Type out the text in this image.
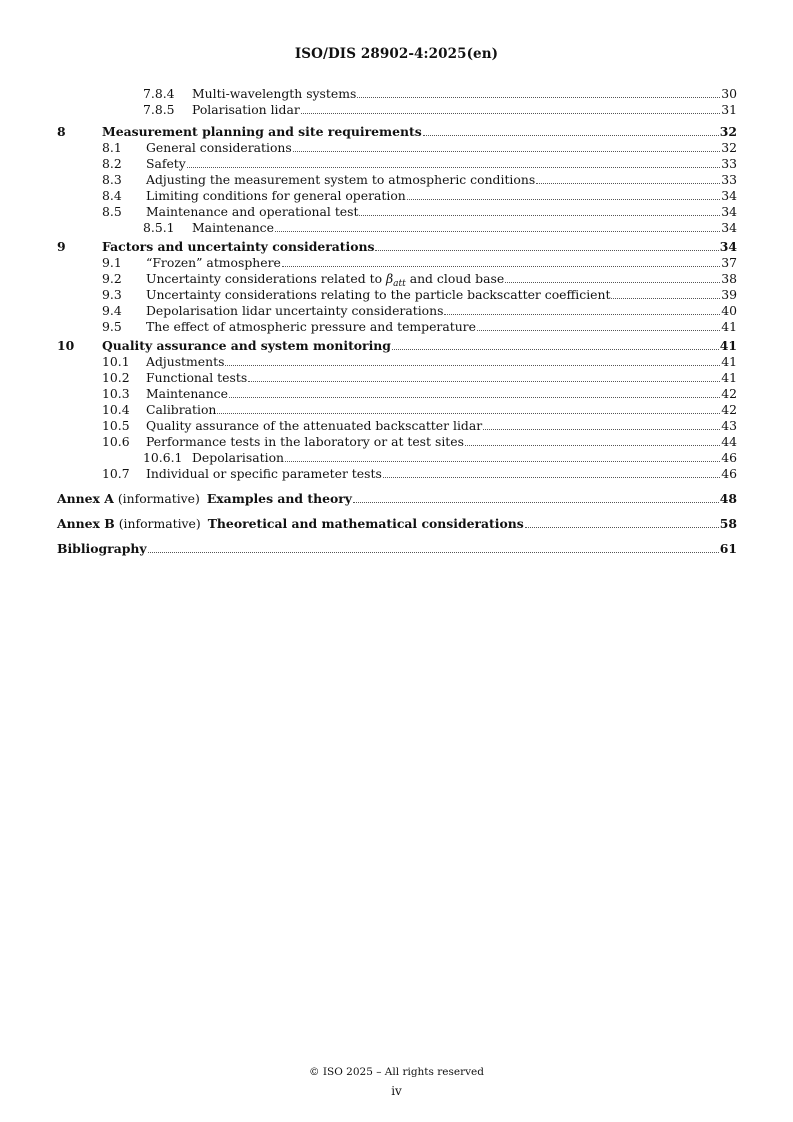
ISO/DIS 28902-4:2025(en)
7.8.4	Multi-wavelength systems	30
7.8.5	Polarisation lidar	31
8	Measurement planning and site requirements	32
8.1	General considerations	32
8.2	Safety	33
8.3	Adjusting the measurement system to atmospheric conditions	33
8.4	Limiting conditions for general operation	34
8.5	Maintenance and operational test	34
8.5.1	Maintenance	34
9	Factors and uncertainty considerations	34
9.1	“Frozen” atmosphere	37
9.2	Uncertainty considerations related to $\beta_{att}$ and cloud base	38
9.3	Uncertainty considerations relating to the particle backscatter coefficient	39
9.4	Depolarisation lidar uncertainty considerations	40
9.5	The effect of atmospheric pressure and temperature	41
10	Quality assurance and system monitoring	41
10.1	Adjustments	41
10.2	Functional tests	41
10.3	Maintenance	42
10.4	Calibration	42
10.5	Quality assurance of the attenuated backscatter lidar	43
10.6	Performance tests in the laboratory or at test sites	44
10.6.1 Depolarisation	46
10.7	Individual or specific parameter tests	46
Annex A (informative) Examples and theory	48
Annex B (informative) Theoretical and mathematical considerations	58
Bibliography	61
© ISO 2025 – All rights reserved
iv
